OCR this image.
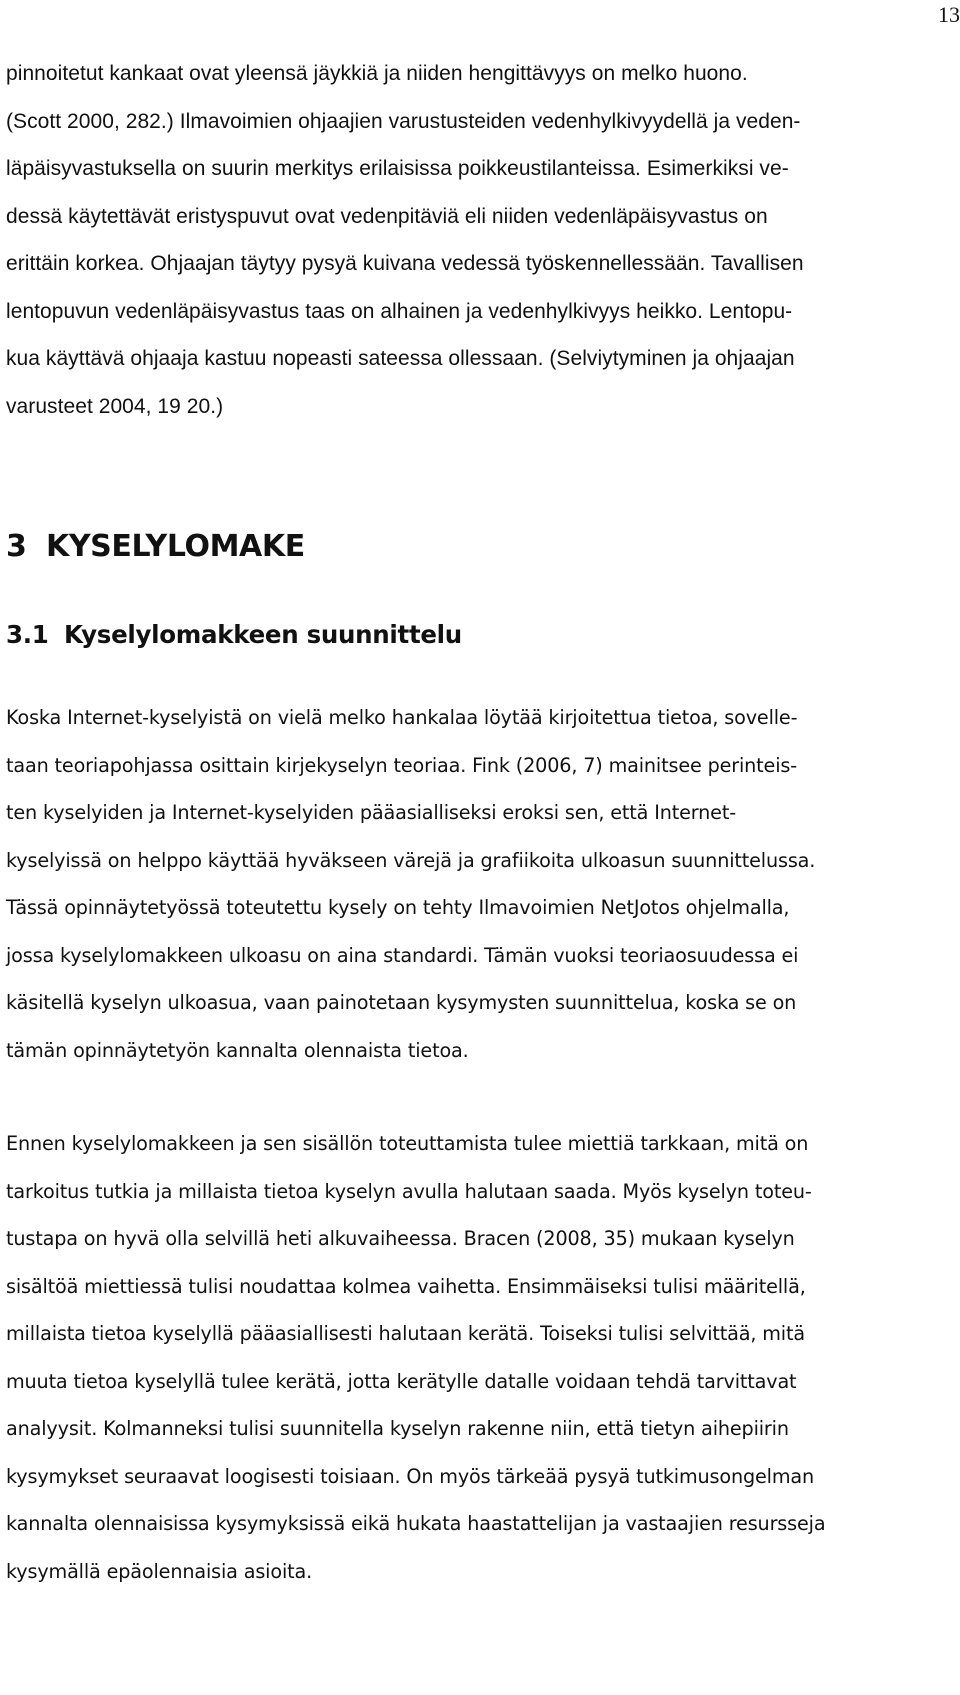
13
pinnoitetut kankaat ovat yleensä jäykkiä ja niiden hengittävyys on melko huono.
(Scott 2000, 282.) Ilmavoimien ohjaajien varustusteiden vedenhylkivyydellä ja veden-
läpäisyvastuksella on suurin merkitys erilaisissa poikkeustilanteissa. Esimerkiksi ve-
dessä käytettävät eristyspuvut ovat vedenpitäviä eli niiden vedenläpäisyvastus on
erittäin korkea. Ohjaajan täytyy pysyä kuivana vedessä työskennellessään. Tavallisen
lentopuvun vedenläpäisyvastus taas on alhainen ja vedenhylkivyys heikko. Lentopu-
kua käyttävä ohjaaja kastuu nopeasti sateessa ollessaan. (Selviytyminen ja ohjaajan
varusteet 2004, 19 20.)
3 KYSELYLOMAKE
3.1 Kyselylomakkeen suunnittelu
Koska Internet-kyselyistä on vielä melko hankalaa löytää kirjoitettua tietoa, sovelle-
taan teoriapohjassa osittain kirjekyselyn teoriaa. Fink (2006, 7) mainitsee perinteis-
ten kyselyiden ja Internet-kyselyiden pääasialliseksi eroksi sen, että Internet-
kyselyissä on helppo käyttää hyväkseen värejä ja grafiikoita ulkoasun suunnittelussa.
Tässä opinnäytetyössä toteutettu kysely on tehty Ilmavoimien NetJotos ohjelmalla,
jossa kyselylomakkeen ulkoasu on aina standardi. Tämän vuoksi teoriaosuudessa ei
käsitellä kyselyn ulkoasua, vaan painotetaan kysymysten suunnittelua, koska se on
tämän opinnäytetyön kannalta olennaista tietoa.
Ennen kyselylomakkeen ja sen sisällön toteuttamista tulee miettiä tarkkaan, mitä on
tarkoitus tutkia ja millaista tietoa kyselyn avulla halutaan saada. Myös kyselyn toteu-
tustapa on hyvä olla selvillä heti alkuvaiheessa. Bracen (2008, 35) mukaan kyselyn
sisältöä miettiessä tulisi noudattaa kolmea vaihetta. Ensimmäiseksi tulisi määritellä,
millaista tietoa kyselyllä pääasiallisesti halutaan kerätä. Toiseksi tulisi selvittää, mitä
muuta tietoa kyselyllä tulee kerätä, jotta kerätylle datalle voidaan tehdä tarvittavat
analyysit. Kolmanneksi tulisi suunnitella kyselyn rakenne niin, että tietyn aihepiirin
kysymykset seuraavat loogisesti toisiaan. On myös tärkeää pysyä tutkimusongelman
kannalta olennaisissa kysymyksissä eikä hukata haastattelijan ja vastaajien resursseja
kysymällä epäolennaisia asioita.
